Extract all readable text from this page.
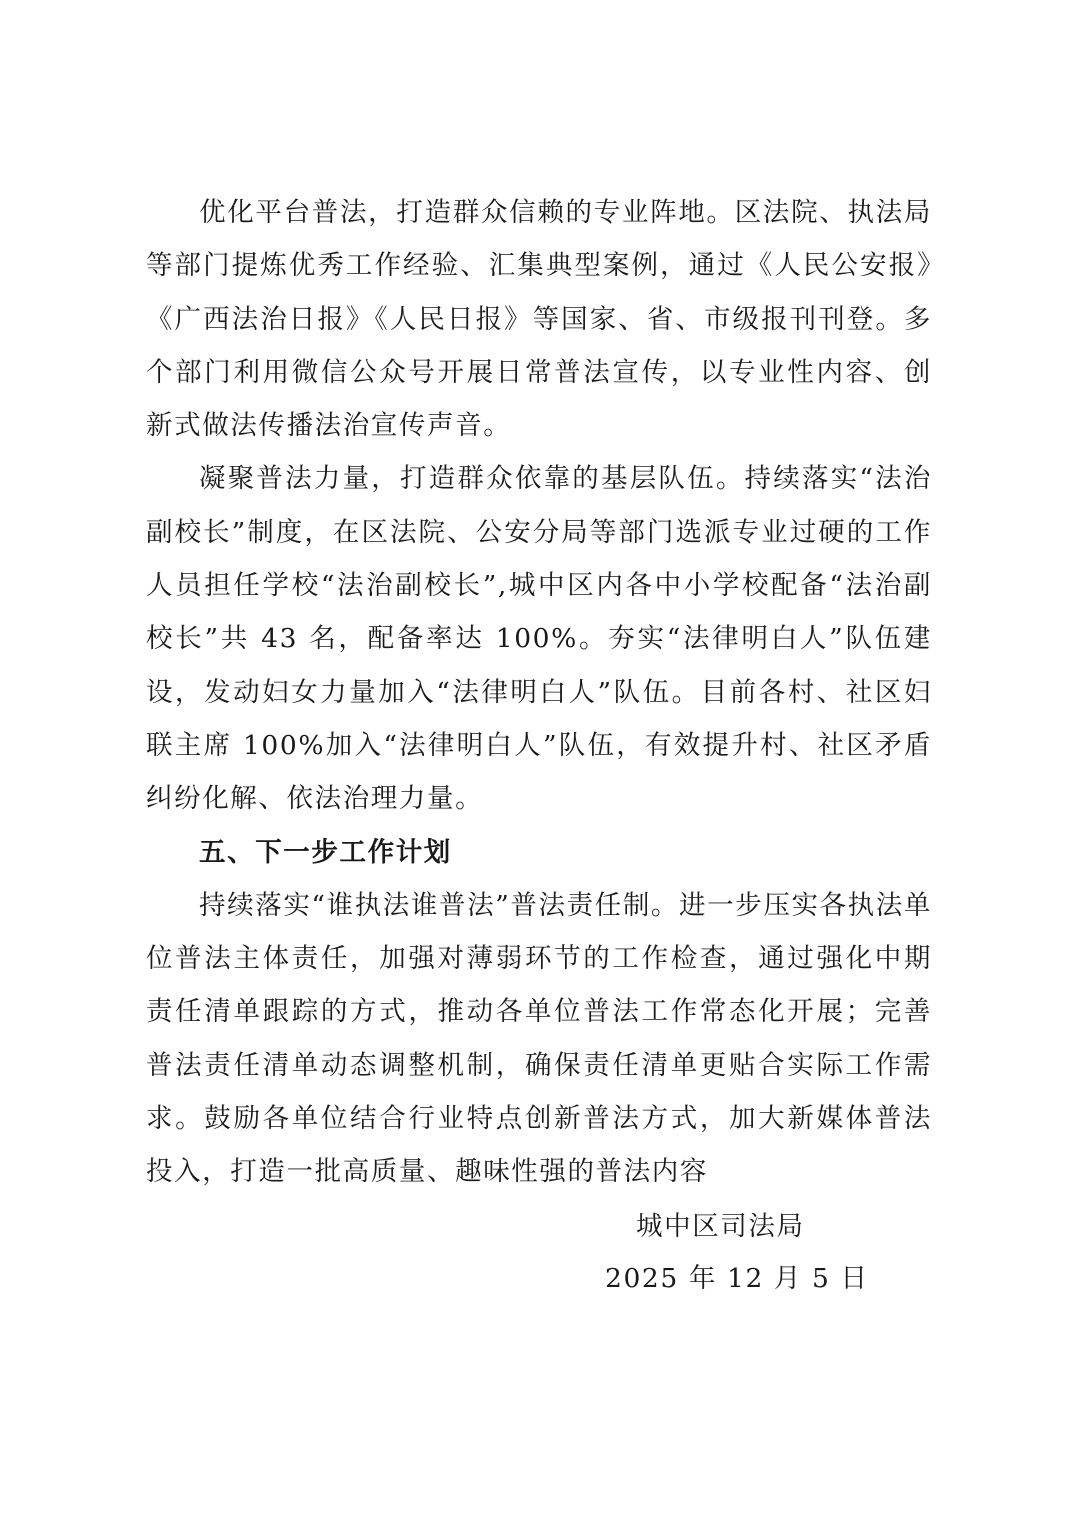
优化平台普法，打造群众信赖的专业阵地。区法院、执法局等部门提炼优秀工作经验、汇集典型案例，通过《人民公安报》《广西法治日报》《人民日报》等国家、省、市级报刊刊登。多个部门利用微信公众号开展日常普法宣传，以专业性内容、创新式做法传播法治宣传声音。

凝聚普法力量，打造群众依靠的基层队伍。持续落实“法治副校长”制度，在区法院、公安分局等部门选派专业过硬的工作人员担任学校“法治副校长”,城中区内各中小学校配备“法治副校长”共 43 名，配备率达 100%。夯实“法律明白人”队伍建设，发动妇女力量加入“法律明白人”队伍。目前各村、社区妇联主席 100%加入“法律明白人”队伍，有效提升村、社区矛盾纠纷化解、依法治理力量。

五、下一步工作计划

持续落实“谁执法谁普法”普法责任制。进一步压实各执法单位普法主体责任，加强对薄弱环节的工作检查，通过强化中期责任清单跟踪的方式，推动各单位普法工作常态化开展；完善普法责任清单动态调整机制，确保责任清单更贴合实际工作需求。鼓励各单位结合行业特点创新普法方式，加大新媒体普法投入，打造一批高质量、趣味性强的普法内容

城中区司法局
2025 年 12 月 5 日
